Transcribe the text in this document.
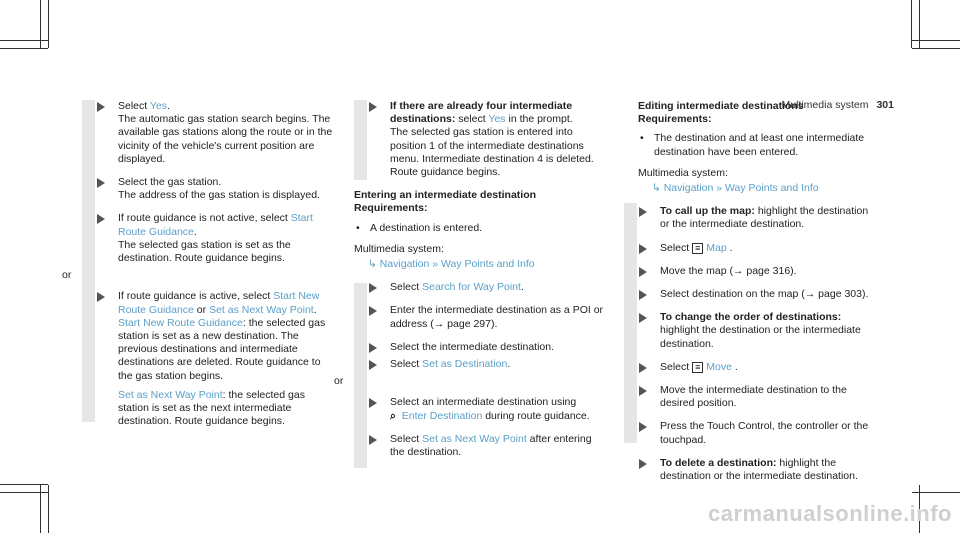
Multimedia system 301
Select Yes.
The automatic gas station search begins. The available gas stations along the route or in the vicinity of the vehicle's current position are displayed.
Select the gas station.
The address of the gas station is displayed.
If route guidance is not active, select Start Route Guidance.
The selected gas station is set as the destination. Route guidance begins.
or
If route guidance is active, select Start New Route Guidance or Set as Next Way Point.
Start New Route Guidance: the selected gas station is set as a new destination. The previous destinations and intermediate destinations are deleted. Route guidance to the gas station begins.
Set as Next Way Point: the selected gas station is set as the next intermediate destination. Route guidance begins.
If there are already four intermediate destinations: select Yes in the prompt.
The selected gas station is entered into position 1 of the intermediate destinations menu. Intermediate destination 4 is deleted. Route guidance begins.
Entering an intermediate destination
Requirements:
• A destination is entered.
Multimedia system:
↳ Navigation » Way Points and Info
Select Search for Way Point.
Enter the intermediate destination as a POI or address (→ page 297).
Select the intermediate destination.
Select Set as Destination.
or
Select an intermediate destination using
⌕ Enter Destination during route guidance.
Select Set as Next Way Point after entering the destination.
Editing intermediate destinations
Requirements:
• The destination and at least one intermediate destination have been entered.
Multimedia system:
↳ Navigation » Way Points and Info
To call up the map: highlight the destination or the intermediate destination.
Select ≡ Map .
Move the map (→ page 316).
Select destination on the map (→ page 303).
To change the order of destinations: highlight the destination or the intermediate destination.
Select ≡ Move .
Move the intermediate destination to the desired position.
Press the Touch Control, the controller or the touchpad.
To delete a destination: highlight the destination or the intermediate destination.
carmanualsonline.info
